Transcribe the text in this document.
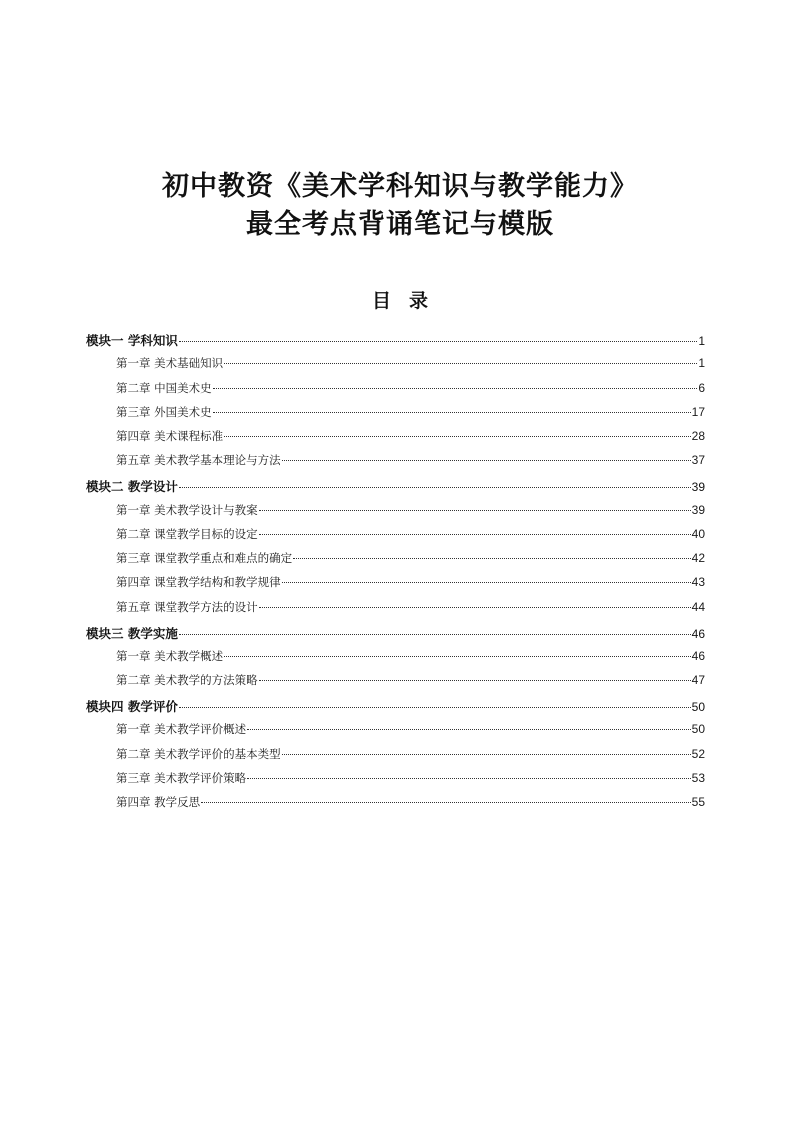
初中教资《美术学科知识与教学能力》
最全考点背诵笔记与模版
目录
模块一 学科知识	1
第一章 美术基础知识	1
第二章 中国美术史	6
第三章 外国美术史	17
第四章 美术课程标准	28
第五章 美术教学基本理论与方法	37
模块二 教学设计	39
第一章 美术教学设计与教案	39
第二章 课堂教学目标的设定	40
第三章 课堂教学重点和难点的确定	42
第四章 课堂教学结构和教学规律	43
第五章 课堂教学方法的设计	44
模块三 教学实施	46
第一章 美术教学概述	46
第二章 美术教学的方法策略	47
模块四 教学评价	50
第一章 美术教学评价概述	50
第二章 美术教学评价的基本类型	52
第三章 美术教学评价策略	53
第四章 教学反思	55
